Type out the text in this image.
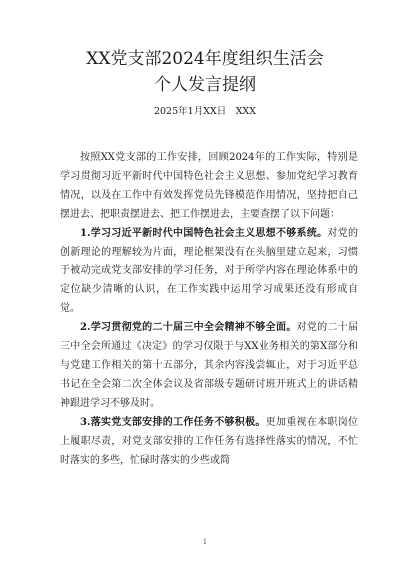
XX党支部2024年度组织生活会
个人发言提纲
2025年1月XX日　XXX

按照XX党支部的工作安排，回顾2024年的工作实际，特别是学习贯彻习近平新时代中国特色社会主义思想、参加党纪学习教育情况，以及在工作中有效发挥党员先锋模范作用情况，坚持把自己摆进去、把职责摆进去、把工作摆进去，主要查摆了以下问题：

1.学习习近平新时代中国特色社会主义思想不够系统。对党的创新理论的理解较为片面，理论框架没有在头脑里建立起来，习惯于被动完成党支部安排的学习任务，对于所学内容在理论体系中的定位缺少清晰的认识，在工作实践中运用学习成果还没有形成自觉。

2.学习贯彻党的二十届三中全会精神不够全面。对党的二十届三中全会所通过《决定》的学习仅限于与XX业务相关的第X部分和与党建工作相关的第十五部分，其余内容浅尝辄止，对于习近平总书记在全会第二次全体会议及省部级专题研讨班开班式上的讲话精神跟进学习不够及时。

3.落实党支部安排的工作任务不够积极。更加重视在本职岗位上履职尽责，对党支部安排的工作任务有选择性落实的情况，不忙时落实的多些，忙碌时落实的少些或简

1
